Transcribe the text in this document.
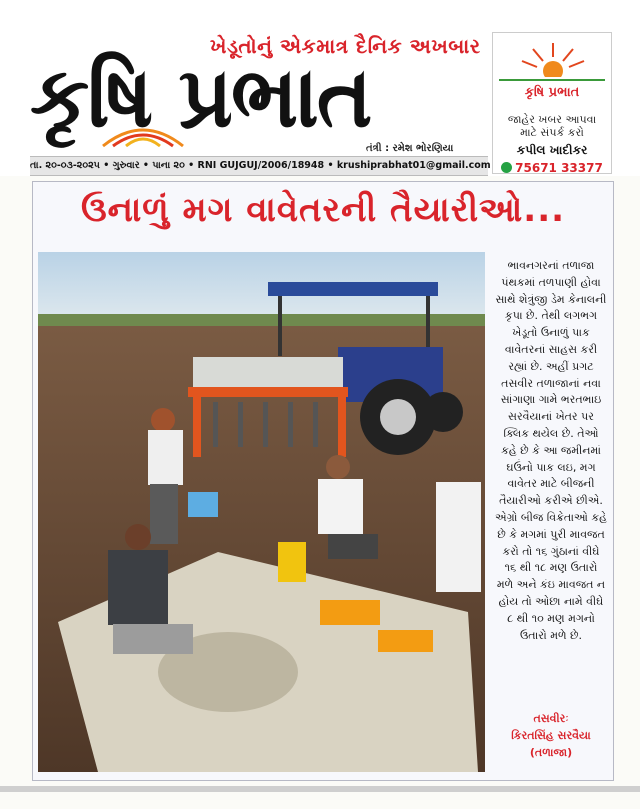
ખેડૂતોનું એકમાત્ર દૈનિક અખબાર
કૃષિ પ્રભાત
તંત્રી : રમેશ ભોરણિયા
તા. ૨૦-૦૩-૨૦૨૫ • ગુરુવાર • પાના ૨૦ • RNI GUJGUJ/2006/18948 • krushiprabhat01@gmail.com
કૃષિ પ્રભાત
જાહેર ખબર આપવા
માટે સંપર્ક કરો
કપીલ ખાદીકર
75671 33377
ઉનાળું મગ વાવેતરની તૈયારીઓ...
ભાવનગરનાં તળાજા પંથકમાં તળપાણી હોવા સાથે શેત્રુંજી ડેમ કેનાલની કૃપા છે. તેથી લગભગ ખેડૂતો ઉનાળું પાક વાવેતરનાં સાહસ કરી રહ્યાં છે. અહીં પ્રગટ તસવીર તળાજાનાં નવા સાંગાણા ગામે ભરતભાઇ સરવૈયાનાં ખેતર પર ક્લિક થયેલ છે. તેઓ કહે છે કે આ જમીનમાં ઘઉંનો પાક લઇ, મગ વાવેતર માટે બીજની તૈયારીઓ કરીએ છીએ. એગ્રો બીજ વિક્રેતાઓ કહે છે કે મગમાં પુરી માવજત કરો તો ૧૬ ગુંઠાનાં વીઘે ૧૬ થી ૧૮ મણ ઉતારો મળે અને કંઇ માવજત ન હોય તો ઓછા નામે વીઘે ૮ થી ૧૦ મણ મગનો ઉતારો મળે છે.
તસવીરઃ
કિરતસિંહ સરવૈયા
(તળાજા)
